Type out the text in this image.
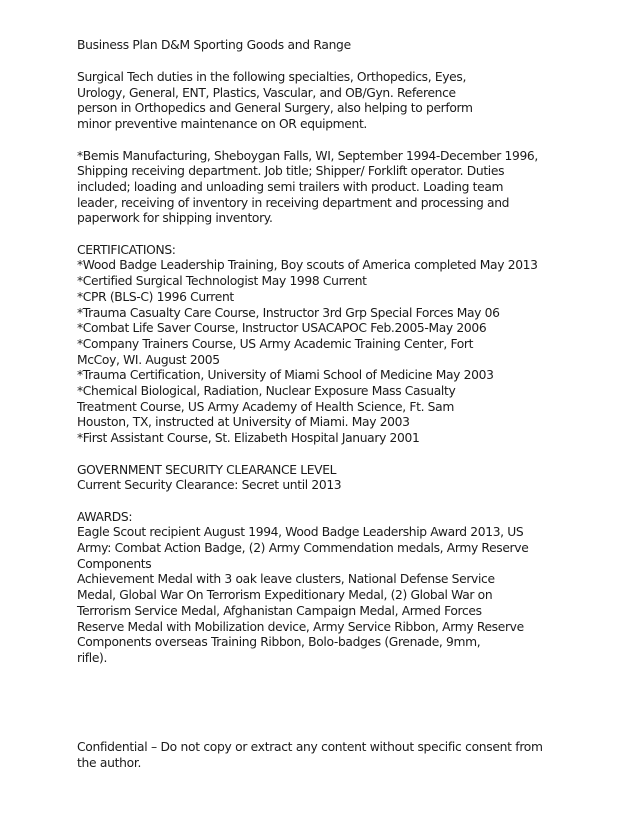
Business Plan D&M Sporting Goods and Range
Surgical Tech duties in the following specialties, Orthopedics, Eyes,
Urology, General, ENT, Plastics, Vascular, and OB/Gyn. Reference
person in Orthopedics and General Surgery, also helping to perform
minor preventive maintenance on OR equipment.
*Bemis Manufacturing, Sheboygan Falls, WI, September 1994-December 1996,
Shipping receiving department. Job title; Shipper/ Forklift operator. Duties
included; loading and unloading semi trailers with product. Loading team
leader, receiving of inventory in receiving department and processing and
paperwork for shipping inventory.
CERTIFICATIONS:
*Wood Badge Leadership Training, Boy scouts of America completed May 2013
*Certified Surgical Technologist May 1998 Current
*CPR (BLS-C) 1996 Current
*Trauma Casualty Care Course, Instructor 3rd Grp Special Forces May 06
*Combat Life Saver Course, Instructor USACAPOC Feb.2005-May 2006
*Company Trainers Course, US Army Academic Training Center, Fort
McCoy, WI. August 2005
*Trauma Certification, University of Miami School of Medicine May 2003
*Chemical Biological, Radiation, Nuclear Exposure Mass Casualty
Treatment Course, US Army Academy of Health Science, Ft. Sam
Houston, TX, instructed at University of Miami. May 2003
*First Assistant Course, St. Elizabeth Hospital January 2001
GOVERNMENT SECURITY CLEARANCE LEVEL
Current Security Clearance: Secret until 2013
AWARDS:
Eagle Scout recipient August 1994, Wood Badge Leadership Award 2013, US
Army: Combat Action Badge, (2) Army Commendation medals, Army Reserve
Components
Achievement Medal with 3 oak leave clusters, National Defense Service
Medal, Global War On Terrorism Expeditionary Medal, (2) Global War on
Terrorism Service Medal, Afghanistan Campaign Medal, Armed Forces
Reserve Medal with Mobilization device, Army Service Ribbon, Army Reserve
Components overseas Training Ribbon, Bolo-badges (Grenade, 9mm,
rifle).
Confidential – Do not copy or extract any content without specific consent from
the author.
